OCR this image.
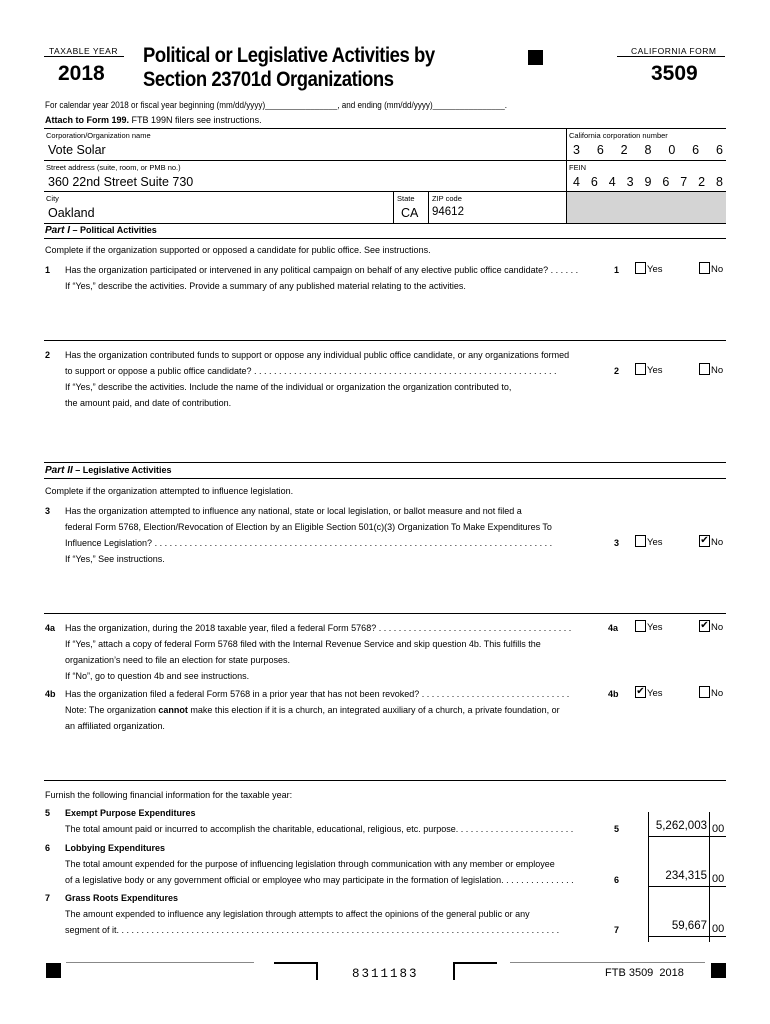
TAXABLE YEAR
2018
Political or Legislative Activities by
Section 23701d Organizations
CALIFORNIA FORM
3509
For calendar year 2018 or fiscal year beginning (mm/dd/yyyy)________________, and ending (mm/dd/yyyy)________________.
Attach to Form 199. FTB 199N filers see instructions.
Corporation/Organization name
Vote Solar
California corporation number
3 6 2 8 0 6 6
Street address (suite, room, or PMB no.)
360 22nd Street Suite 730
FEIN
4 6 4 3 9 6 7 2 8
City
Oakland
State
CA
ZIP code
94612
Part I – Political Activities
Complete if the organization supported or opposed a candidate for public office. See instructions.
1 Has the organization participated or intervened in any political campaign on behalf of any elective public office candidate? . . . . . .
If “Yes,” describe the activities. Provide a summary of any published material relating to the activities.
1	Yes	No
2 Has the organization contributed funds to support or oppose any individual public office candidate, or any organizations formed
to support or oppose a public office candidate? . . . . . . . . . . . . . . . . . . . . . . . . . . . . . . . . . . . . . . . . . . . . . . . . . . . . . . . . . . . . .
If “Yes,” describe the activities. Include the name of the individual or organization the organization contributed to,
the amount paid, and date of contribution.
2	Yes	No
Part II – Legislative Activities
Complete if the organization attempted to influence legislation.
3 Has the organization attempted to influence any national, state or local legislation, or ballot measure and not filed a
federal Form 5768, Election/Revocation of Election by an Eligible Section 501(c)(3) Organization To Make Expenditures To
Influence Legislation? . . . . . . . . . . . . . . . . . . . . . . . . . . . . . . . . . . . . . . . . . . . . . . . . . . . . . . . . . . . . . . . . . . . . . . . . . . . . . . . .
If “Yes,” See instructions.
3	Yes	✔ No
4a Has the organization, during the 2018 taxable year, filed a federal Form 5768? . . . . . . . . . . . . . . . . . . . . . . . . . . . . . . . . . . . . . . .
If “Yes,” attach a copy of federal Form 5768 filed with the Internal Revenue Service and skip question 4b. This fulfills the
organization’s need to file an election for state purposes.
If “No”, go to question 4b and see instructions.
4a	Yes	✔ No
4b Has the organization filed a federal Form 5768 in a prior year that has not been revoked? . . . . . . . . . . . . . . . . . . . . . . . . . . . . . .
Note: The organization cannot make this election if it is a church, an integrated auxiliary of a church, a private foundation, or
an affiliated organization.
4b ✔ Yes	No
Furnish the following financial information for the taxable year:
5 Exempt Purpose Expenditures
The total amount paid or incurred to accomplish the charitable, educational, religious, etc. purpose. . . . . . . . . . . . . . . . . . . . . . . .	5	5,262,003 00
6 Lobbying Expenditures
The total amount expended for the purpose of influencing legislation through communication with any member or employee
of a legislative body or any government official or employee who may participate in the formation of legislation. . . . . . . . . . . . . . .	6	234,315 00
7 Grass Roots Expenditures
The amount expended to influence any legislation through attempts to affect the opinions of the general public or any
segment of it. . . . . . . . . . . . . . . . . . . . . . . . . . . . . . . . . . . . . . . . . . . . . . . . . . . . . . . . . . . . . . . . . . . . . . . . . . . . . . . . . . . . . . . . .	7	59,667 00
8311183	FTB 3509  2018
